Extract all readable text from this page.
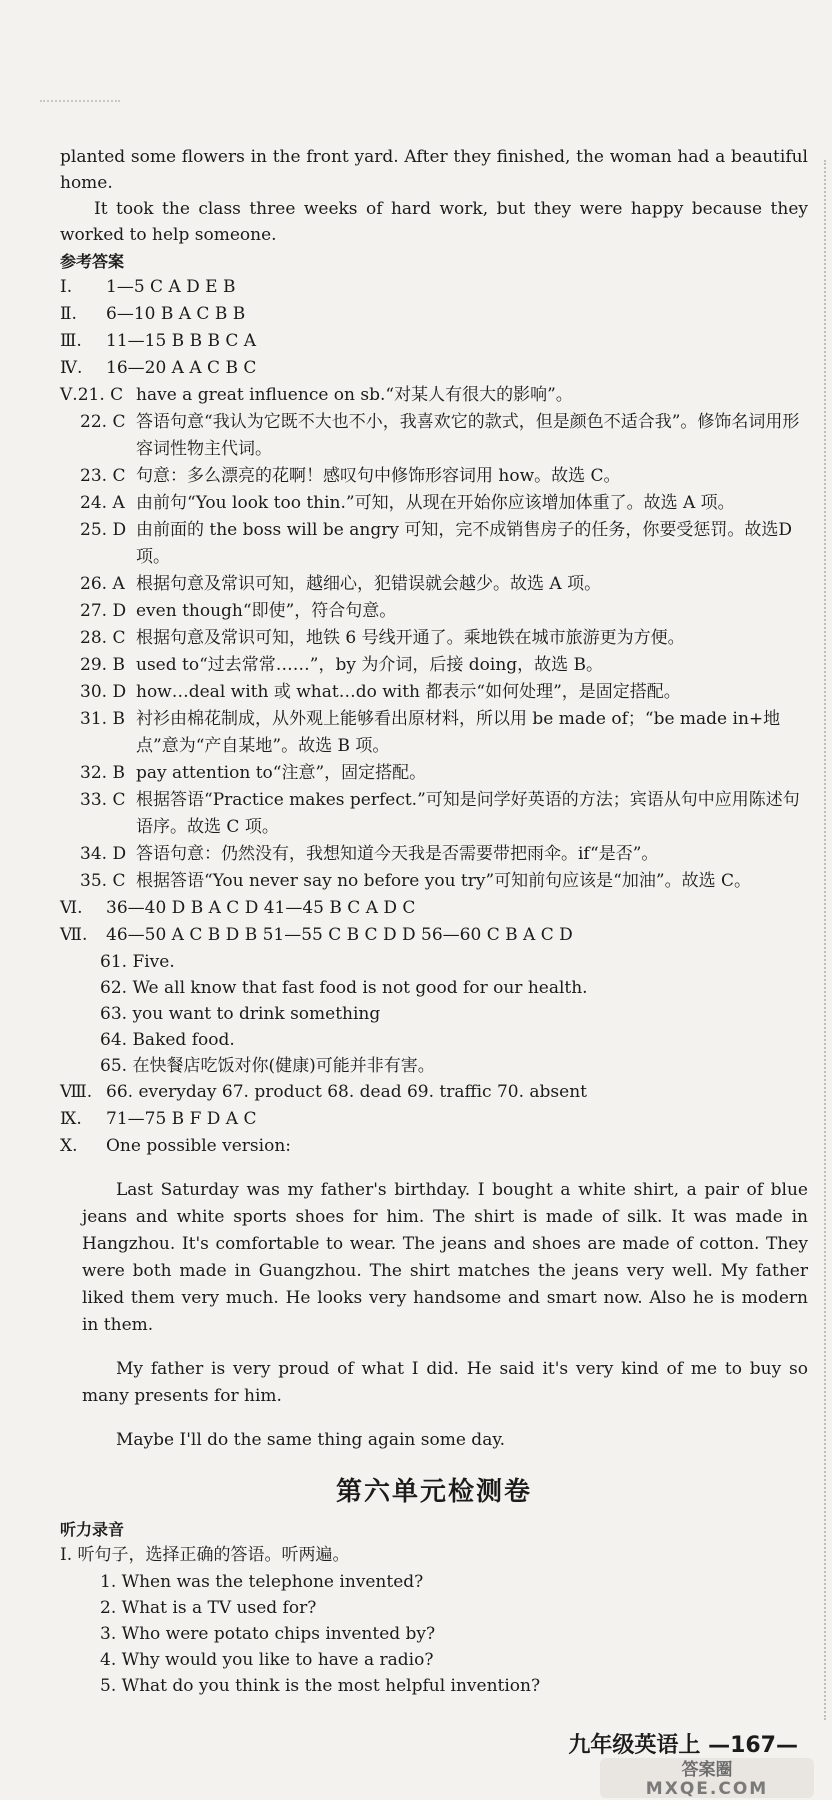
planted some flowers in the front yard. After they finished, the woman had a beautiful home.

It took the class three weeks of hard work, but they were happy because they worked to help someone.

参考答案
Ⅰ. 1—5 C A D E B
Ⅱ. 6—10 B A C B B
Ⅲ. 11—15 B B B C A
Ⅳ. 16—20 A A C B C
Ⅴ.21. C have a great influence on sb.“对某人有很大的影响”。
22. C 答语句意“我认为它既不大也不小，我喜欢它的款式，但是颜色不适合我”。修饰名词用形容词性物主代词。
23. C 句意：多么漂亮的花啊！感叹句中修饰形容词用 how。故选 C。
24. A 由前句“You look too thin.”可知，从现在开始你应该增加体重了。故选 A 项。
25. D 由前面的 the boss will be angry 可知，完不成销售房子的任务，你要受惩罚。故选D 项。
26. A 根据句意及常识可知，越细心，犯错误就会越少。故选 A 项。
27. D even though“即使”，符合句意。
28. C 根据句意及常识可知，地铁 6 号线开通了。乘地铁在城市旅游更为方便。
29. B used to“过去常常……”，by 为介词，后接 doing，故选 B。
30. D how…deal with 或 what…do with 都表示“如何处理”，是固定搭配。
31. B 衬衫由棉花制成，从外观上能够看出原材料，所以用 be made of；“be made in+地点”意为“产自某地”。故选 B 项。
32. B pay attention to“注意”，固定搭配。
33. C 根据答语“Practice makes perfect.”可知是问学好英语的方法；宾语从句中应用陈述句语序。故选 C 项。
34. D 答语句意：仍然没有，我想知道今天我是否需要带把雨伞。if“是否”。
35. C 根据答语“You never say no before you try”可知前句应该是“加油”。故选 C。
Ⅵ. 36—40 D B A C D 41—45 B C A D C
Ⅶ. 46—50 A C B D B 51—55 C B C D D 56—60 C B A C D
61. Five.
62. We all know that fast food is not good for our health.
63. you want to drink something
64. Baked food.
65. 在快餐店吃饭对你(健康)可能并非有害。
Ⅷ. 66. everyday 67. product 68. dead 69. traffic 70. absent
Ⅸ. 71—75 B F D A C
Ⅹ. One possible version:

Last Saturday was my father's birthday. I bought a white shirt, a pair of blue jeans and white sports shoes for him. The shirt is made of silk. It was made in Hangzhou. It's comfortable to wear. The jeans and shoes are made of cotton. They were both made in Guangzhou. The shirt matches the jeans very well. My father liked them very much. He looks very handsome and smart now. Also he is modern in them.

My father is very proud of what I did. He said it's very kind of me to buy so many presents for him.

Maybe I'll do the same thing again some day.

第六单元检测卷
听力录音
Ⅰ. 听句子，选择正确的答语。听两遍。
1. When was the telephone invented?
2. What is a TV used for?
3. Who were potato chips invented by?
4. Why would you like to have a radio?
5. What do you think is the most helpful invention?
九年级英语上 —167—
答案圈
MXQE.COM
